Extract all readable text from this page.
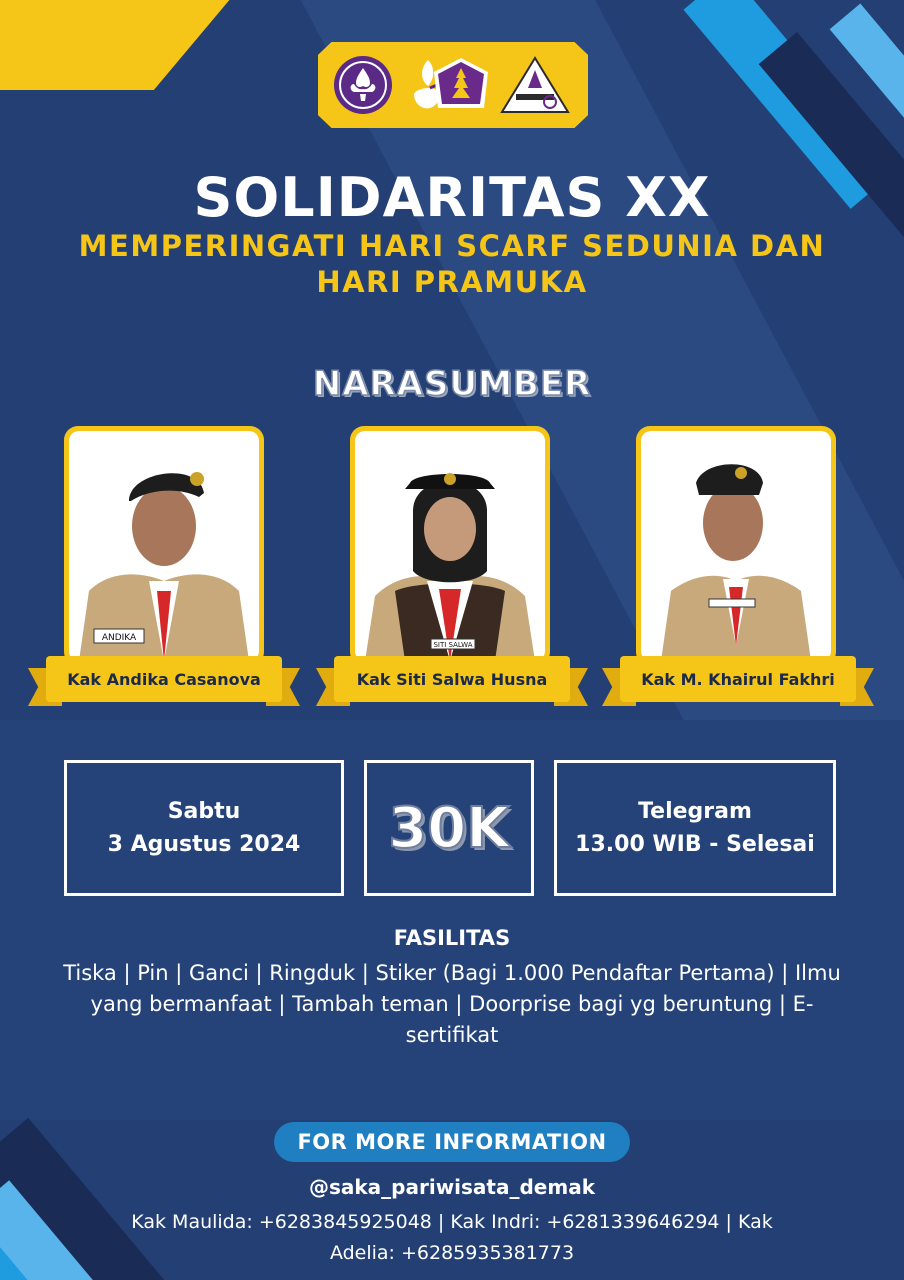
SOLIDARITAS XX
MEMPERINGATI HARI SCARF SEDUNIA DAN
HARI PRAMUKA
NARASUMBER
ANDIKA
Kak Andika Casanova
SITI SALWA
Kak Siti Salwa Husna	Kak M. Khairul Fakhri
Sabtu
3 Agustus 2024 30K	Telegram
13.00 WIB - Selesai
FASILITAS
Tiska | Pin | Ganci | Ringduk | Stiker (Bagi 1.000 Pendaftar Pertama) | Ilmu yang bermanfaat | Tambah teman | Doorprise bagi yg beruntung | E-sertifikat
FOR MORE INFORMATION
@saka_pariwisata_demak
Kak Maulida: +6283845925048 | Kak Indri: +6281339646294 | Kak Adelia: +6285935381773
